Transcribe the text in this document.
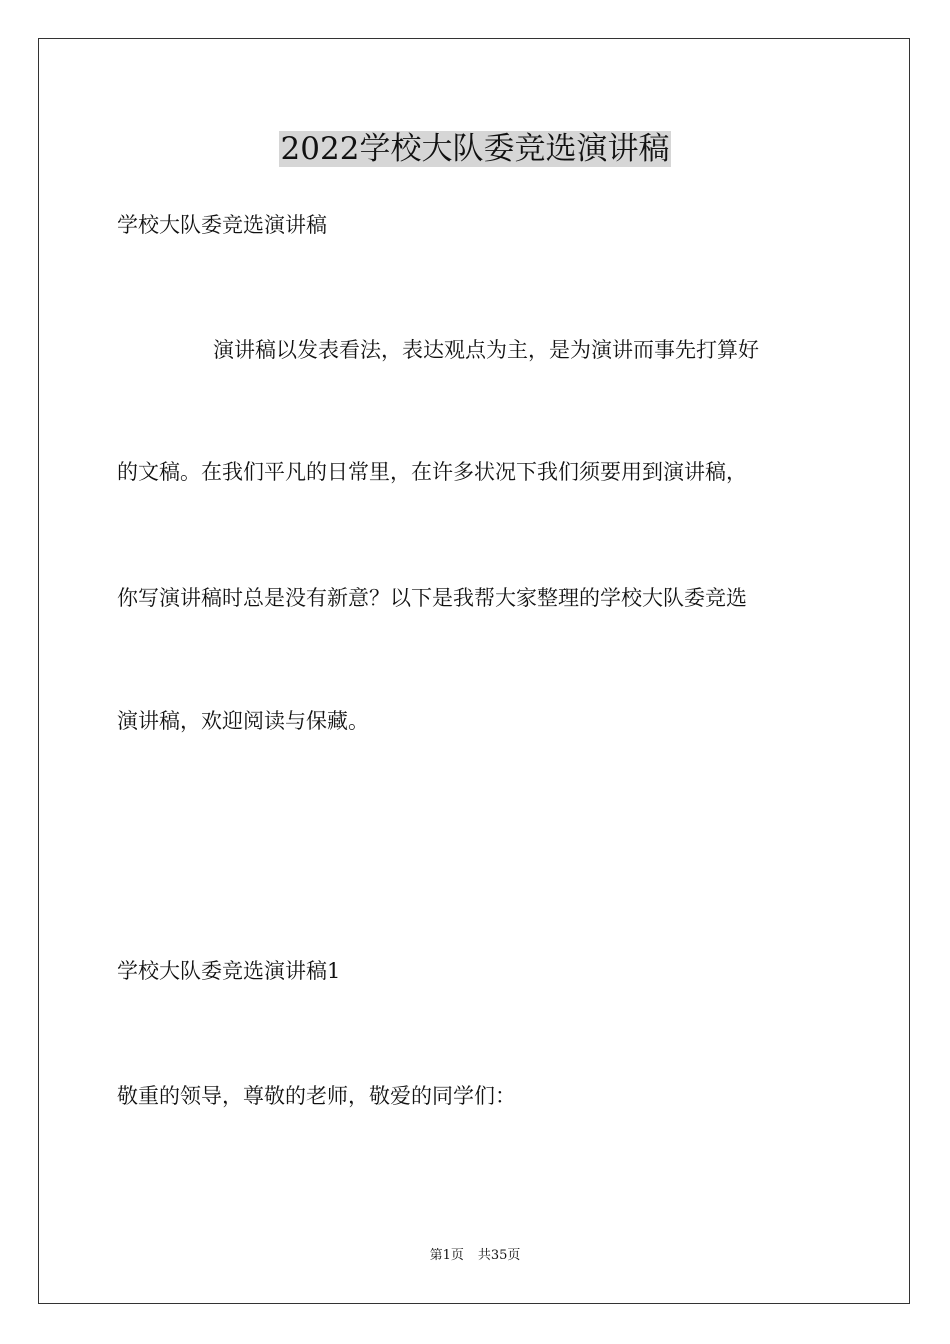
2022学校大队委竞选演讲稿

学校大队委竞选演讲稿

演讲稿以发表看法，表达观点为主，是为演讲而事先打算好

的文稿。在我们平凡的日常里，在许多状况下我们须要用到演讲稿，

你写演讲稿时总是没有新意？以下是我帮大家整理的学校大队委竞选

演讲稿，欢迎阅读与保藏。

学校大队委竞选演讲稿1

敬重的领导，尊敬的老师，敬爱的同学们：

第1页 共35页
